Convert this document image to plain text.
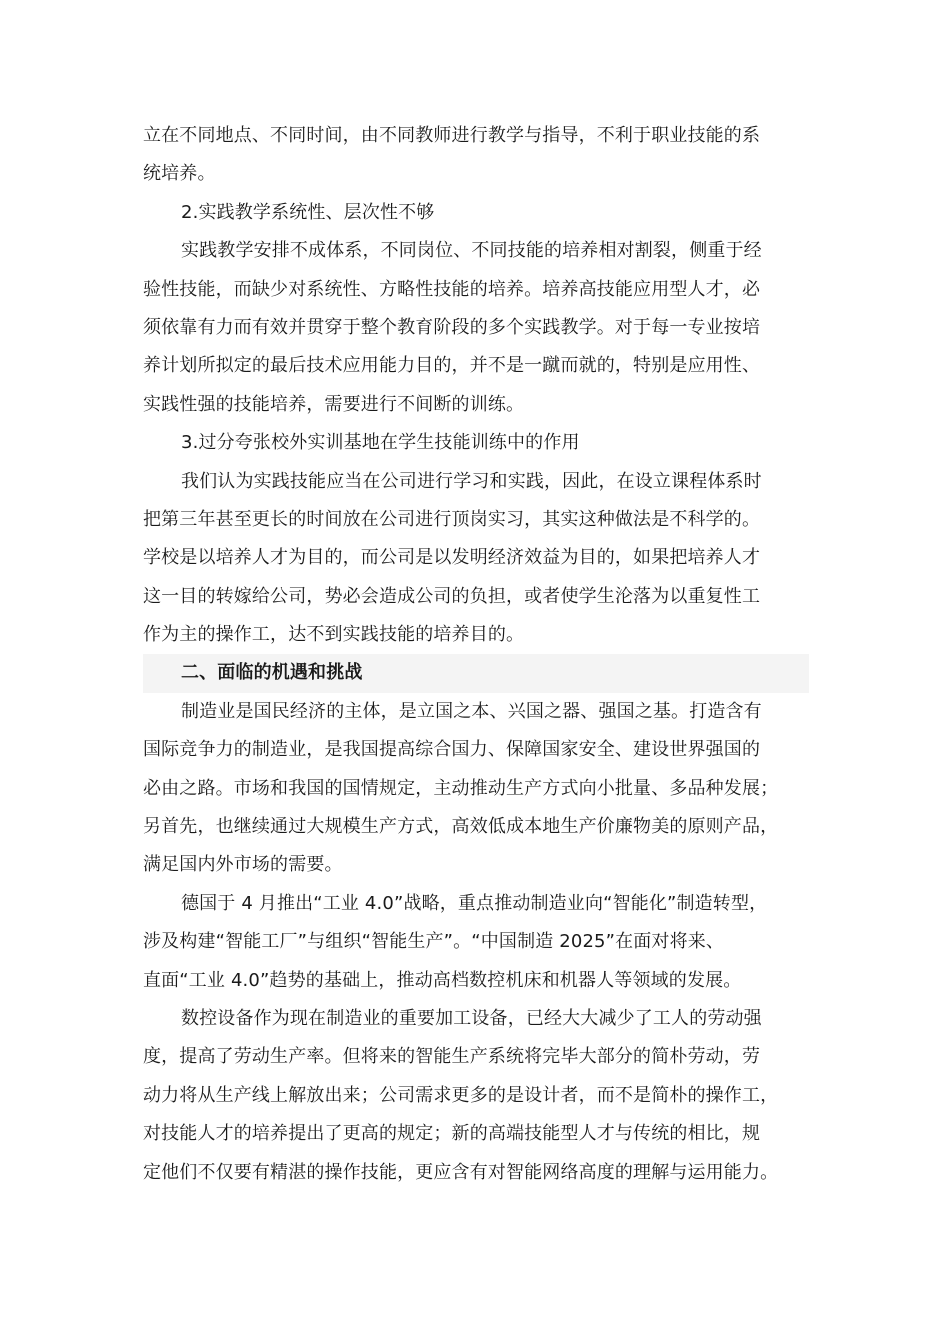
立在不同地点、不同时间，由不同教师进行教学与指导，不利于职业技能的系
统培养。
2.实践教学系统性、层次性不够
实践教学安排不成体系，不同岗位、不同技能的培养相对割裂，侧重于经
验性技能，而缺少对系统性、方略性技能的培养。培养高技能应用型人才，必
须依靠有力而有效并贯穿于整个教育阶段的多个实践教学。对于每一专业按培
养计划所拟定的最后技术应用能力目的，并不是一蹴而就的，特别是应用性、
实践性强的技能培养，需要进行不间断的训练。
3.过分夸张校外实训基地在学生技能训练中的作用
我们认为实践技能应当在公司进行学习和实践，因此，在设立课程体系时
把第三年甚至更长的时间放在公司进行顶岗实习，其实这种做法是不科学的。
学校是以培养人才为目的，而公司是以发明经济效益为目的，如果把培养人才
这一目的转嫁给公司，势必会造成公司的负担，或者使学生沦落为以重复性工
作为主的操作工，达不到实践技能的培养目的。
二、面临的机遇和挑战
制造业是国民经济的主体，是立国之本、兴国之器、强国之基。打造含有
国际竞争力的制造业，是我国提高综合国力、保障国家安全、建设世界强国的
必由之路。市场和我国的国情规定，主动推动生产方式向小批量、多品种发展；
另首先，也继续通过大规模生产方式，高效低成本地生产价廉物美的原则产品，
满足国内外市场的需要。
德国于 4 月推出“工业 4.0”战略，重点推动制造业向“智能化”制造转型，
涉及构建“智能工厂”与组织“智能生产”。“中国制造 2025”在面对将来、
直面“工业 4.0”趋势的基础上，推动高档数控机床和机器人等领域的发展。
数控设备作为现在制造业的重要加工设备，已经大大减少了工人的劳动强
度，提高了劳动生产率。但将来的智能生产系统将完毕大部分的简朴劳动，劳
动力将从生产线上解放出来；公司需求更多的是设计者，而不是简朴的操作工，
对技能人才的培养提出了更高的规定；新的高端技能型人才与传统的相比，规
定他们不仅要有精湛的操作技能，更应含有对智能网络高度的理解与运用能力。
